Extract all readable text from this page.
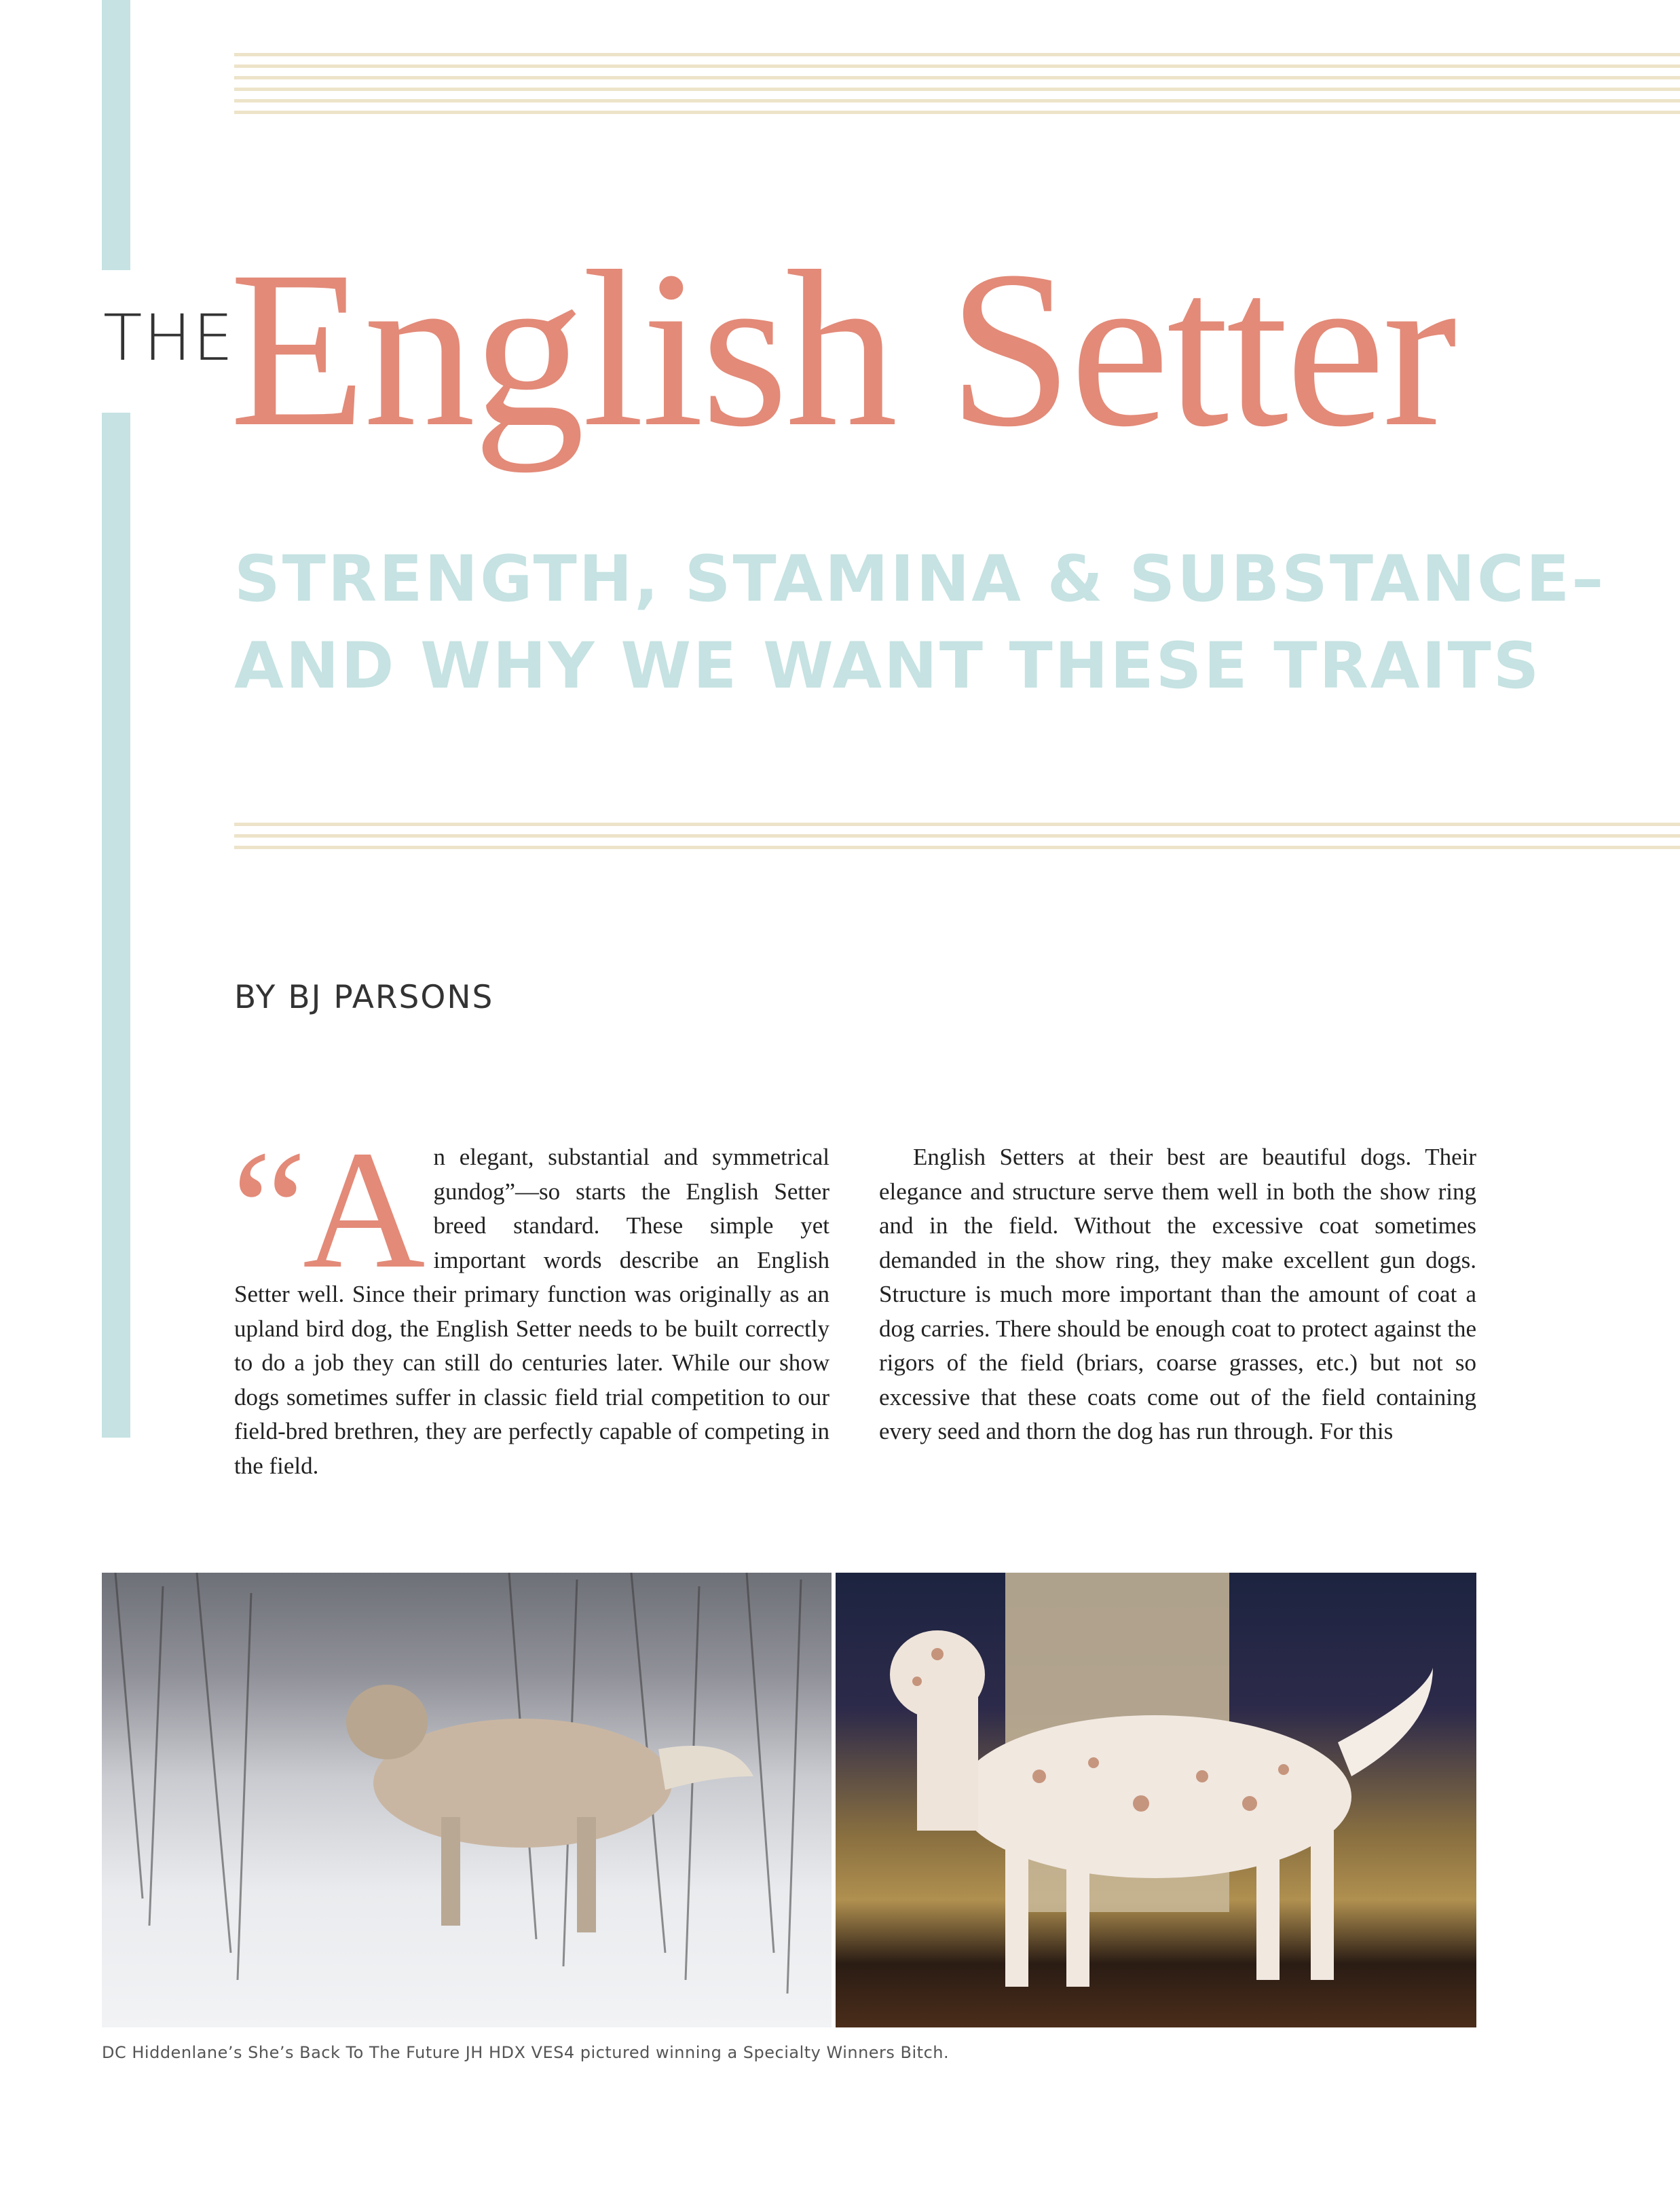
THE
English Setter
STRENGTH, STAMINA & SUBSTANCE–
AND WHY WE WANT THESE TRAITS
BY BJ PARSONS
“A n elegant, substantial and symmetrical gundog”—so starts the English Setter breed standard. These simple yet important words describe an English Setter well. Since their primary function was originally as an upland bird dog, the English Setter needs to be built correctly to do a job they can still do centuries later. While our show dogs sometimes suffer in classic field trial competition to our field-bred brethren, they are perfectly capable of competing in the field.

English Setters at their best are beautiful dogs. Their elegance and structure serve them well in both the show ring and in the field. Without the excessive coat sometimes demanded in the show ring, they make excellent gun dogs. Structure is much more important than the amount of coat a dog carries. There should be enough coat to protect against the rigors of the field (briars, coarse grasses, etc.) but not so excessive that these coats come out of the field containing every seed and thorn the dog has run through. For this

DC Hiddenlane’s She’s Back To The Future JH HDX VES4 pictured winning a Specialty Winners Bitch.
